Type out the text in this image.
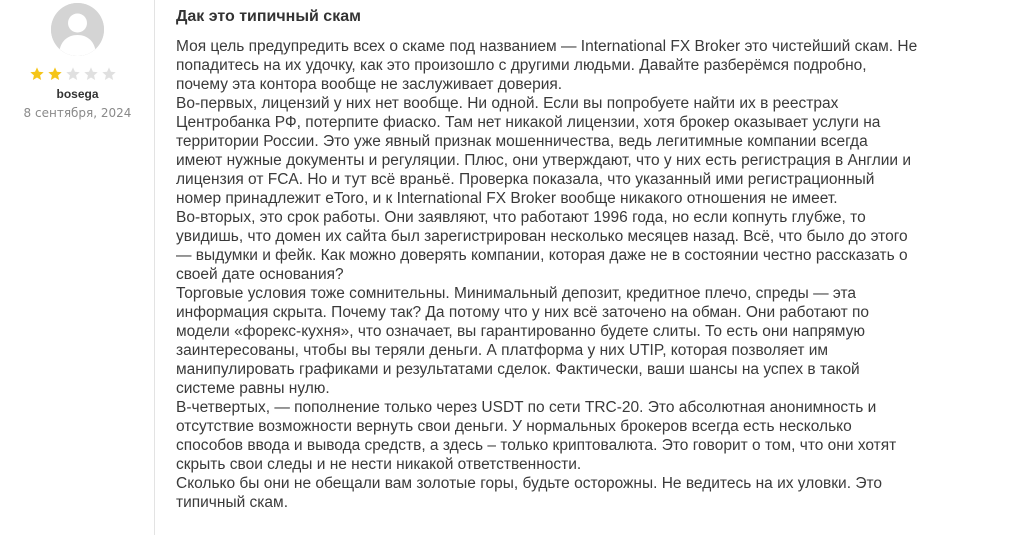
bosega
8 сентября, 2024
Дак это типичный скам

Моя цель предупредить всех о скаме под названием — International FX Broker это чистейший скам. Не

попадитесь на их удочку, как это произошло с другими людьми. Давайте разберёмся подробно,

почему эта контора вообще не заслуживает доверия.

Во-первых, лицензий у них нет вообще. Ни одной. Если вы попробуете найти их в реестрах

Центробанка РФ, потерпите фиаско. Там нет никакой лицензии, хотя брокер оказывает услуги на

территории России. Это уже явный признак мошенничества, ведь легитимные компании всегда

имеют нужные документы и регуляции. Плюс, они утверждают, что у них есть регистрация в Англии и

лицензия от FCA. Но и тут всё враньё. Проверка показала, что указанный ими регистрационный

номер принадлежит eToro, и к International FX Broker вообще никакого отношения не имеет.

Во-вторых, это срок работы. Они заявляют, что работают 1996 года, но если копнуть глубже, то

увидишь, что домен их сайта был зарегистрирован несколько месяцев назад. Всё, что было до этого

— выдумки и фейк. Как можно доверять компании, которая даже не в состоянии честно рассказать о

своей дате основания?

Торговые условия тоже сомнительны. Минимальный депозит, кредитное плечо, спреды — эта

информация скрыта. Почему так? Да потому что у них всё заточено на обман. Они работают по

модели «форекс-кухня», что означает, вы гарантированно будете слиты. То есть они напрямую

заинтересованы, чтобы вы теряли деньги. А платформа у них UTIP, которая позволяет им

манипулировать графиками и результатами сделок. Фактически, ваши шансы на успех в такой

системе равны нулю.

В-четвертых, — пополнение только через USDT по сети TRC-20. Это абсолютная анонимность и

отсутствие возможности вернуть свои деньги. У нормальных брокеров всегда есть несколько

способов ввода и вывода средств, а здесь – только криптовалюта. Это говорит о том, что они хотят

скрыть свои следы и не нести никакой ответственности.

Сколько бы они не обещали вам золотые горы, будьте осторожны. Не ведитесь на их уловки. Это

типичный скам.
